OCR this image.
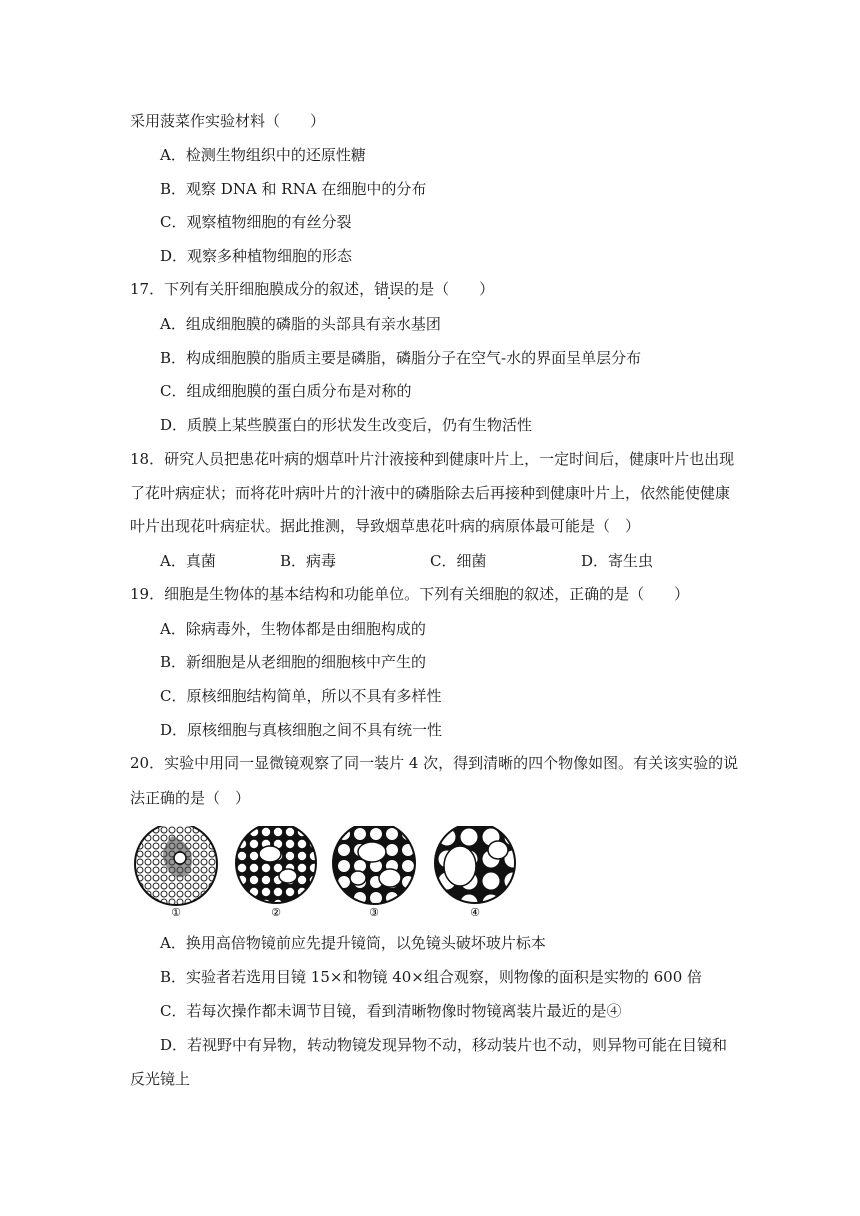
采用菠菜作实验材料（　　）
A．检测生物组织中的还原性糖
B．观察 DNA 和 RNA 在细胞中的分布
C．观察植物细胞的有丝分裂
D．观察多种植物细胞的形态
17．下列有关肝细胞膜成分的叙述，错误的是（　　）
A．组成细胞膜的磷脂的头部具有亲水基团
B．构成细胞膜的脂质主要是磷脂，磷脂分子在空气-水的界面呈单层分布
C．组成细胞膜的蛋白质分布是对称的
D．质膜上某些膜蛋白的形状发生改变后，仍有生物活性
18．研究人员把患花叶病的烟草叶片汁液接种到健康叶片上，一定时间后，健康叶片也出现
了花叶病症状；而将花叶病叶片的汁液中的磷脂除去后再接种到健康叶片上，依然能使健康
叶片出现花叶病症状。据此推测，导致烟草患花叶病的病原体最可能是（　）
A．真菌	B．病毒	C．细菌	D．寄生虫
19．细胞是生物体的基本结构和功能单位。下列有关细胞的叙述，正确的是（　　）
A．除病毒外，生物体都是由细胞构成的
B．新细胞是从老细胞的细胞核中产生的
C．原核细胞结构简单，所以不具有多样性
D．原核细胞与真核细胞之间不具有统一性
20．实验中用同一显微镜观察了同一装片 4 次，得到清晰的四个物像如图。有关该实验的说
法正确的是（　）
①	②	③	④
A．换用高倍物镜前应先提升镜筒，以免镜头破坏玻片标本
B．实验者若选用目镜 15×和物镜 40×组合观察，则物像的面积是实物的 600 倍
C．若每次操作都未调节目镜，看到清晰物像时物镜离装片最近的是④
D．若视野中有异物，转动物镜发现异物不动，移动装片也不动，则异物可能在目镜和
反光镜上
